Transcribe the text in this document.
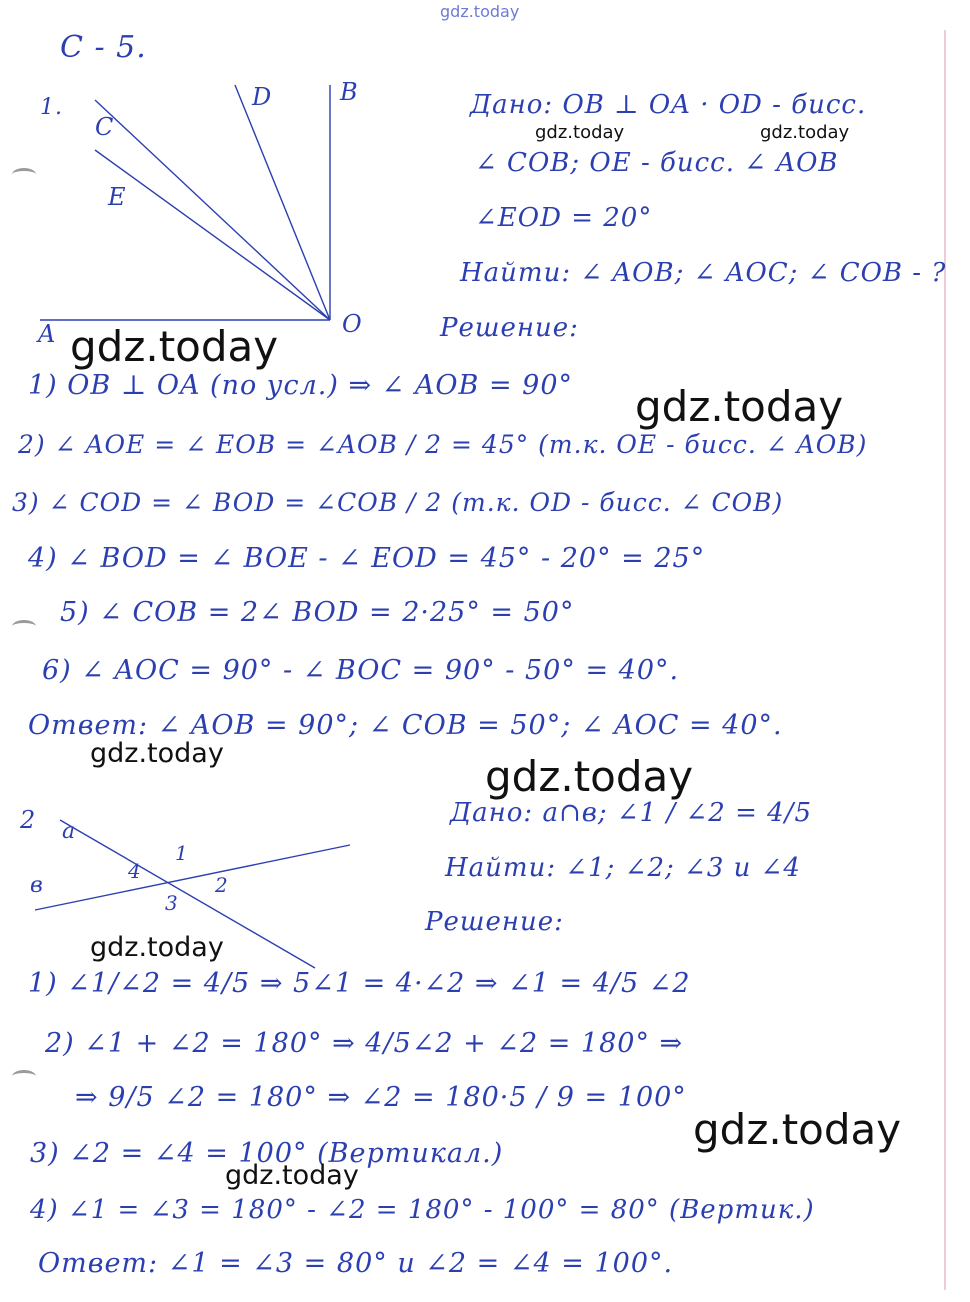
C - 5.
1.
C
D	B
E
A	O
2 a
в
1
2
3
4
Дано: OB ⊥ OA · OD - бисс.
∠ COB; OE - бисс. ∠ AOB
∠EOD = 20°
Найти: ∠ AOB; ∠ AOC; ∠ COB - ?
Решение:
1) OB ⊥ OA (по усл.) ⇒ ∠ AOB = 90°
2) ∠ AOE = ∠ EOB = ∠AOB / 2 = 45° (т.к. OE - бисс. ∠ AOB)
3) ∠ COD = ∠ BOD = ∠COB / 2 (т.к. OD - бисс. ∠ COB)
4) ∠ BOD = ∠ BOE - ∠ EOD = 45° - 20° = 25°
5) ∠ COB = 2∠ BOD = 2·25° = 50°
6) ∠ AOC = 90° - ∠ BOC = 90° - 50° = 40°.
Ответ: ∠ AOB = 90°; ∠ COB = 50°; ∠ AOC = 40°.
Дано: a∩в; ∠1 / ∠2 = 4/5
Найти: ∠1; ∠2; ∠3 и ∠4
Решение:
1) ∠1/∠2 = 4/5 ⇒ 5∠1 = 4·∠2 ⇒ ∠1 = 4/5 ∠2
2) ∠1 + ∠2 = 180° ⇒ 4/5∠2 + ∠2 = 180° ⇒
⇒ 9/5 ∠2 = 180° ⇒ ∠2 = 180·5 / 9 = 100°
3) ∠2 = ∠4 = 100° (Вертикал.)
4) ∠1 = ∠3 = 180° - ∠2 = 180° - 100° = 80° (Вертик.)
Ответ: ∠1 = ∠3 = 80° и ∠2 = ∠4 = 100°.
gdz.today
gdz.today	gdz.today
gdz.today
gdz.today
gdz.today	gdz.today
gdz.today
gdz.today
gdz.today
